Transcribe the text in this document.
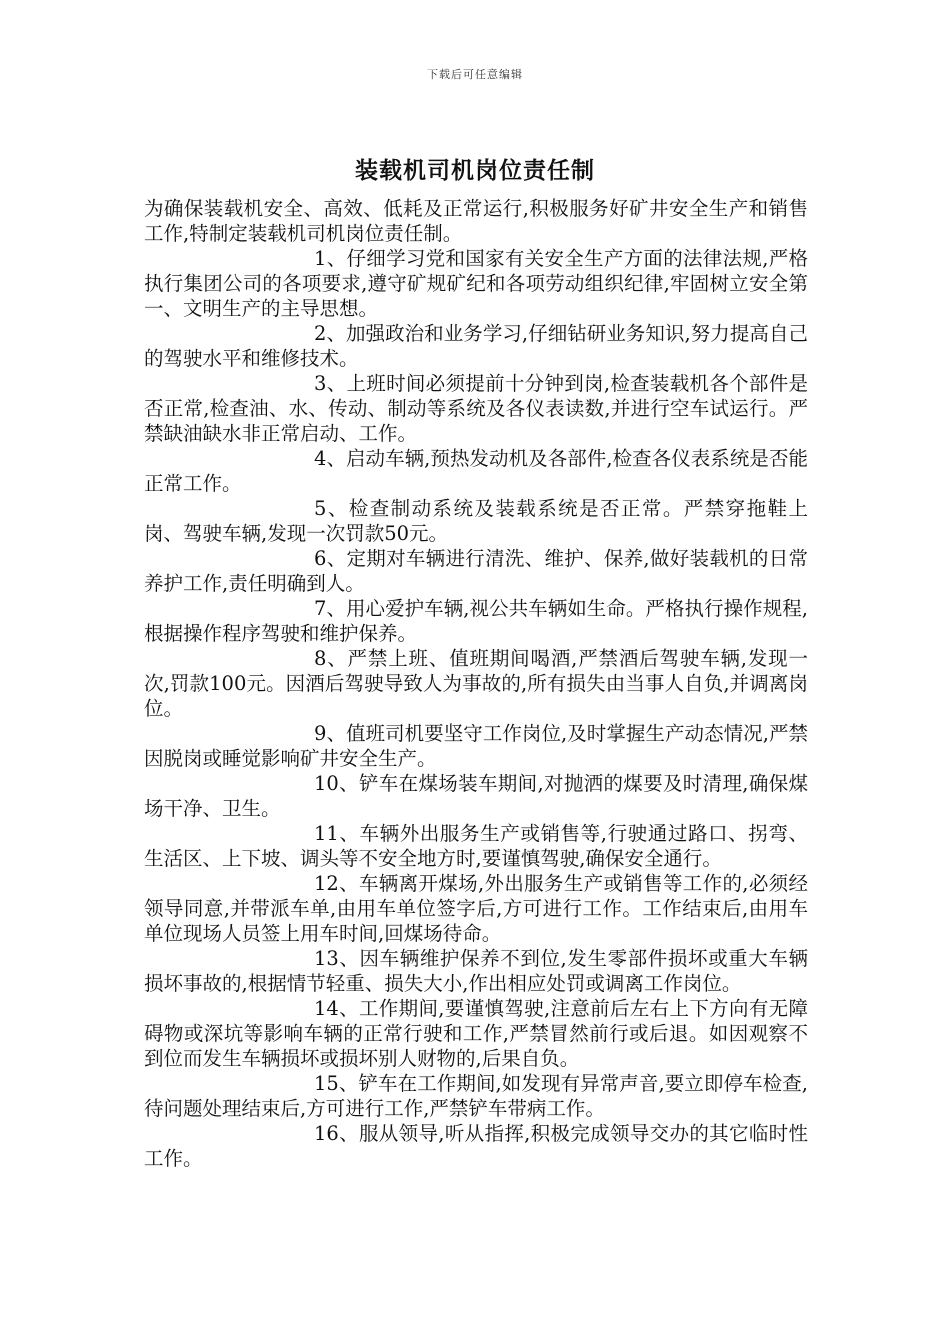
下载后可任意编辑
装载机司机岗位责任制

为确保装载机安全、高效、低耗及正常运行,积极服务好矿井安全生产和销售工作,特制定装载机司机岗位责任制。

1、仔细学习党和国家有关安全生产方面的法律法规,严格执行集团公司的各项要求,遵守矿规矿纪和各项劳动组织纪律,牢固树立安全第一、文明生产的主导思想。

2、加强政治和业务学习,仔细钻研业务知识,努力提高自己的驾驶水平和维修技术。

3、上班时间必须提前十分钟到岗,检查装载机各个部件是否正常,检查油、水、传动、制动等系统及各仪表读数,并进行空车试运行。严禁缺油缺水非正常启动、工作。

4、启动车辆,预热发动机及各部件,检查各仪表系统是否能正常工作。

5、检查制动系统及装载系统是否正常。严禁穿拖鞋上岗、驾驶车辆,发现一次罚款50元。

6、定期对车辆进行清洗、维护、保养,做好装载机的日常养护工作,责任明确到人。

7、用心爱护车辆,视公共车辆如生命。严格执行操作规程,根据操作程序驾驶和维护保养。

8、严禁上班、值班期间喝酒,严禁酒后驾驶车辆,发现一次,罚款100元。因酒后驾驶导致人为事故的,所有损失由当事人自负,并调离岗位。

9、值班司机要坚守工作岗位,及时掌握生产动态情况,严禁因脱岗或睡觉影响矿井安全生产。

10、铲车在煤场装车期间,对抛洒的煤要及时清理,确保煤场干净、卫生。

11、车辆外出服务生产或销售等,行驶通过路口、拐弯、生活区、上下坡、调头等不安全地方时,要谨慎驾驶,确保安全通行。

12、车辆离开煤场,外出服务生产或销售等工作的,必须经领导同意,并带派车单,由用车单位签字后,方可进行工作。工作结束后,由用车单位现场人员签上用车时间,回煤场待命。

13、因车辆维护保养不到位,发生零部件损坏或重大车辆损坏事故的,根据情节轻重、损失大小,作出相应处罚或调离工作岗位。

14、工作期间,要谨慎驾驶,注意前后左右上下方向有无障碍物或深坑等影响车辆的正常行驶和工作,严禁冒然前行或后退。如因观察不到位而发生车辆损坏或损坏别人财物的,后果自负。

15、铲车在工作期间,如发现有异常声音,要立即停车检查,待问题处理结束后,方可进行工作,严禁铲车带病工作。

16、服从领导,听从指挥,积极完成领导交办的其它临时性工作。
